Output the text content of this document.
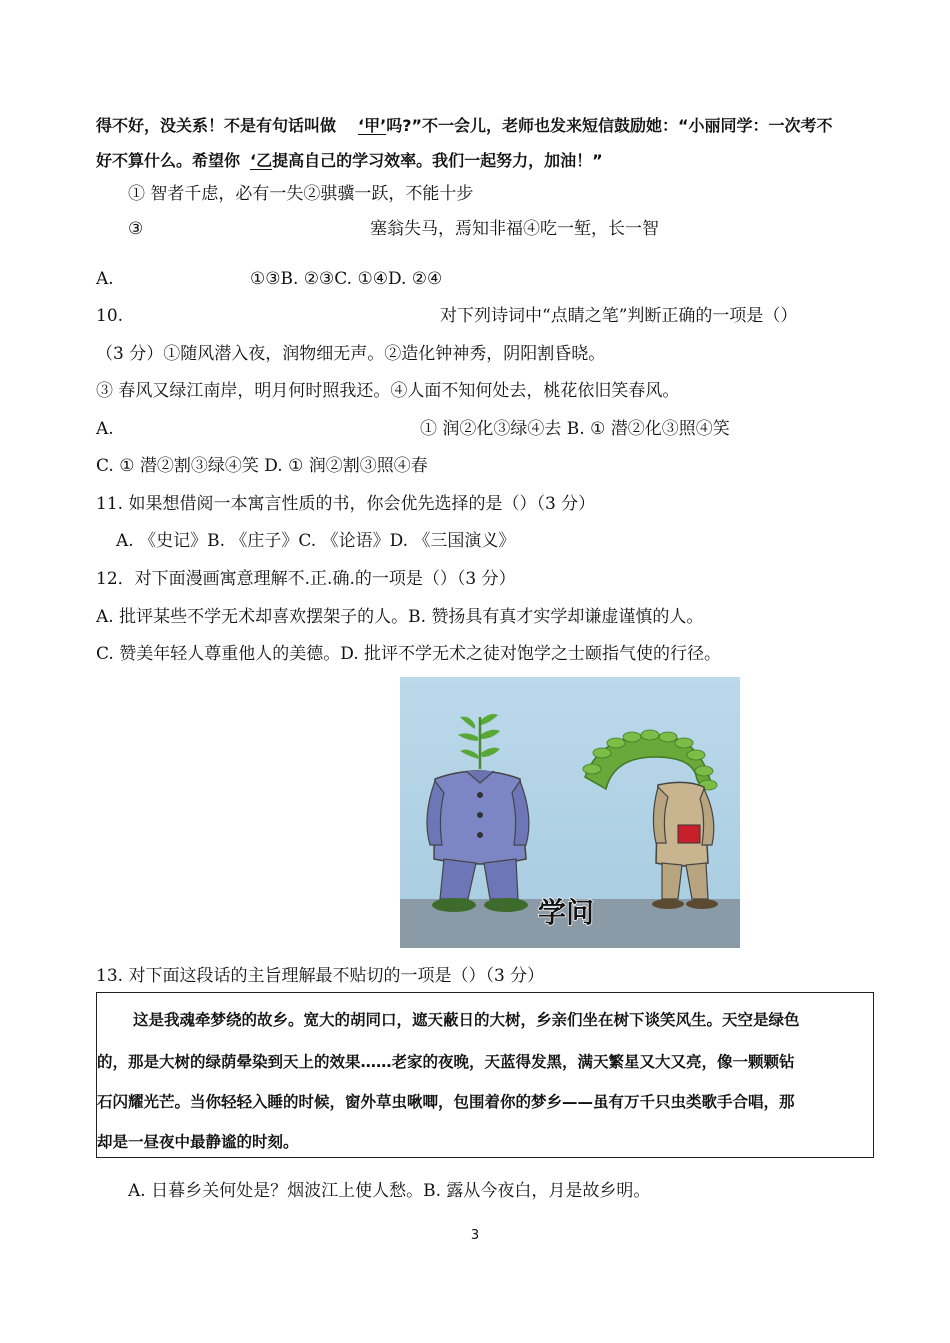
得不好，没关系！不是有句话叫做 ‘甲’吗?”不一会儿，老师也发来短信鼓励她：“小丽同学：一次考不
好不算什么。希望你 ‘乙提高自己的学习效率。我们一起努力，加油！”
① 智者千虑，必有一失②骐骥一跃，不能十步
③	塞翁失马，焉知非福④吃一堑，长一智
A.	①③B. ②③C. ①④D. ②④
10.	对下列诗词中“点睛之笔”判断正确的一项是（）
（3 分）①随风潜入夜，润物细无声。②造化钟神秀，阴阳割昏晓。
③ 春风又绿江南岸，明月何时照我还。④人面不知何处去，桃花依旧笑春风。
A.	① 润②化③绿④去 B. ① 潜②化③照④笑
C. ① 潜②割③绿④笑 D. ① 润②割③照④春
11. 如果想借阅一本寓言性质的书，你会优先选择的是（）（3 分）
A. 《史记》B. 《庄子》C. 《论语》D. 《三国演义》
12．对下面漫画寓意理解不.正.确.的一项是（）（3 分）
A. 批评某些不学无术却喜欢摆架子的人。B. 赞扬具有真才实学却谦虚谨慎的人。
C. 赞美年轻人尊重他人的美德。D. 批评不学无术之徒对饱学之士颐指气使的行径。
学问
13. 对下面这段话的主旨理解最不贴切的一项是（）（3 分）
这是我魂牵梦绕的故乡。宽大的胡同口，遮天蔽日的大树，乡亲们坐在树下谈笑风生。天空是绿色
的，那是大树的绿荫晕染到天上的效果……老家的夜晚，天蓝得发黑，满天繁星又大又亮，像一颗颗钻
石闪耀光芒。当你轻轻入睡的时候，窗外草虫啾唧，包围着你的梦乡——虽有万千只虫类歌手合唱，那
却是一昼夜中最静谧的时刻。
A. 日暮乡关何处是？烟波江上使人愁。B. 露从今夜白，月是故乡明。
3
